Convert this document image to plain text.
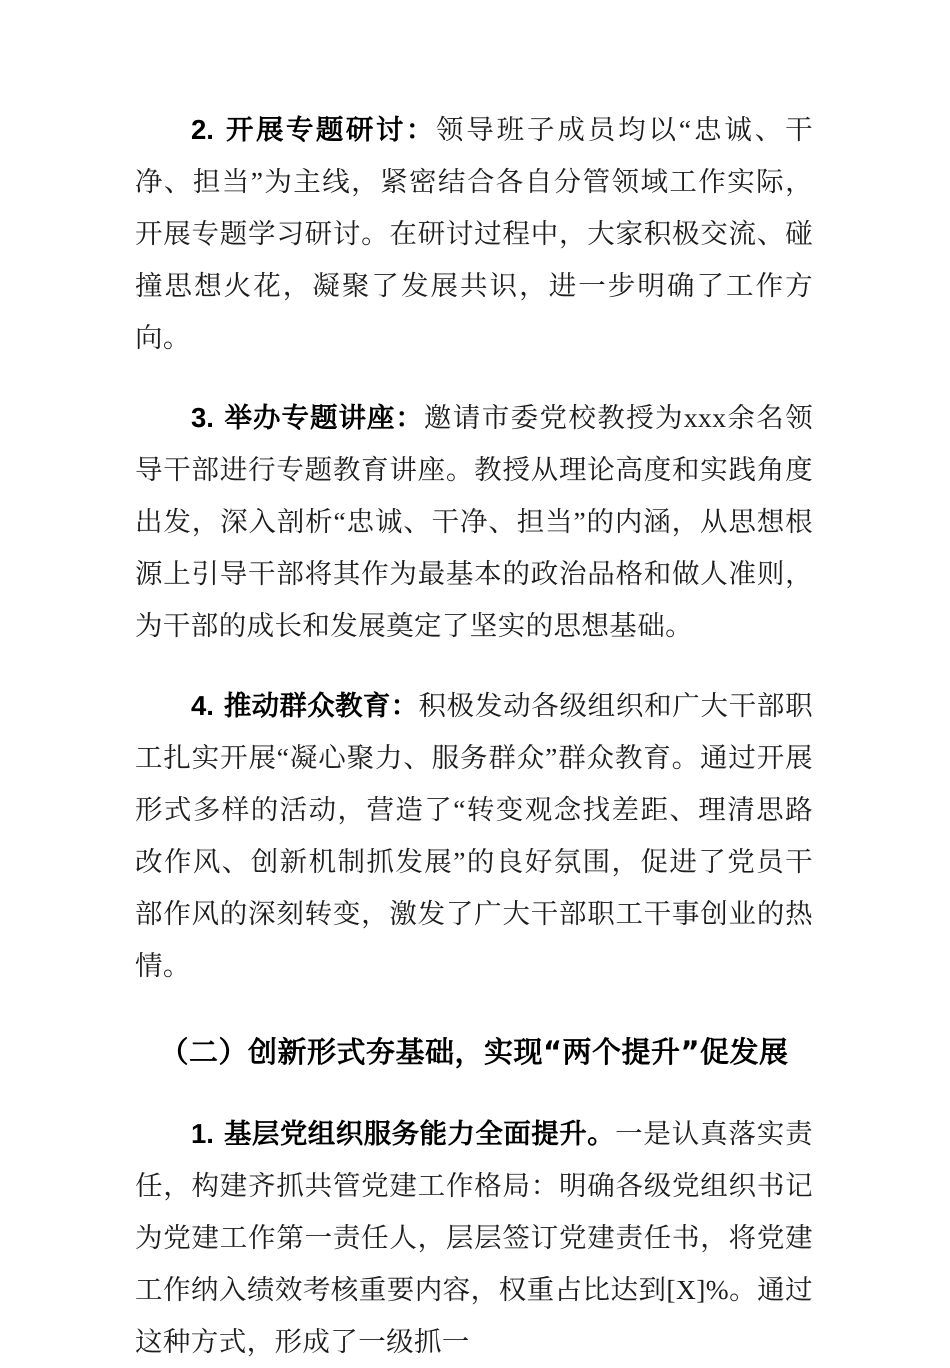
2. 开展专题研讨：领导班子成员均以“忠诚、干净、担当”为主线，紧密结合各自分管领域工作实际，开展专题学习研讨。在研讨过程中，大家积极交流、碰撞思想火花，凝聚了发展共识，进一步明确了工作方向。

3. 举办专题讲座：邀请市委党校教授为xxx余名领导干部进行专题教育讲座。教授从理论高度和实践角度出发，深入剖析“忠诚、干净、担当”的内涵，从思想根源上引导干部将其作为最基本的政治品格和做人准则，为干部的成长和发展奠定了坚实的思想基础。

4. 推动群众教育：积极发动各级组织和广大干部职工扎实开展“凝心聚力、服务群众”群众教育。通过开展形式多样的活动，营造了“转变观念找差距、理清思路改作风、创新机制抓发展”的良好氛围，促进了党员干部作风的深刻转变，激发了广大干部职工干事创业的热情。

（二）创新形式夯基础，实现“两个提升”促发展

1. 基层党组织服务能力全面提升。一是认真落实责任，构建齐抓共管党建工作格局：明确各级党组织书记为党建工作第一责任人，层层签订党建责任书，将党建工作纳入绩效考核重要内容，权重占比达到[X]%。通过这种方式，形成了一级抓一
